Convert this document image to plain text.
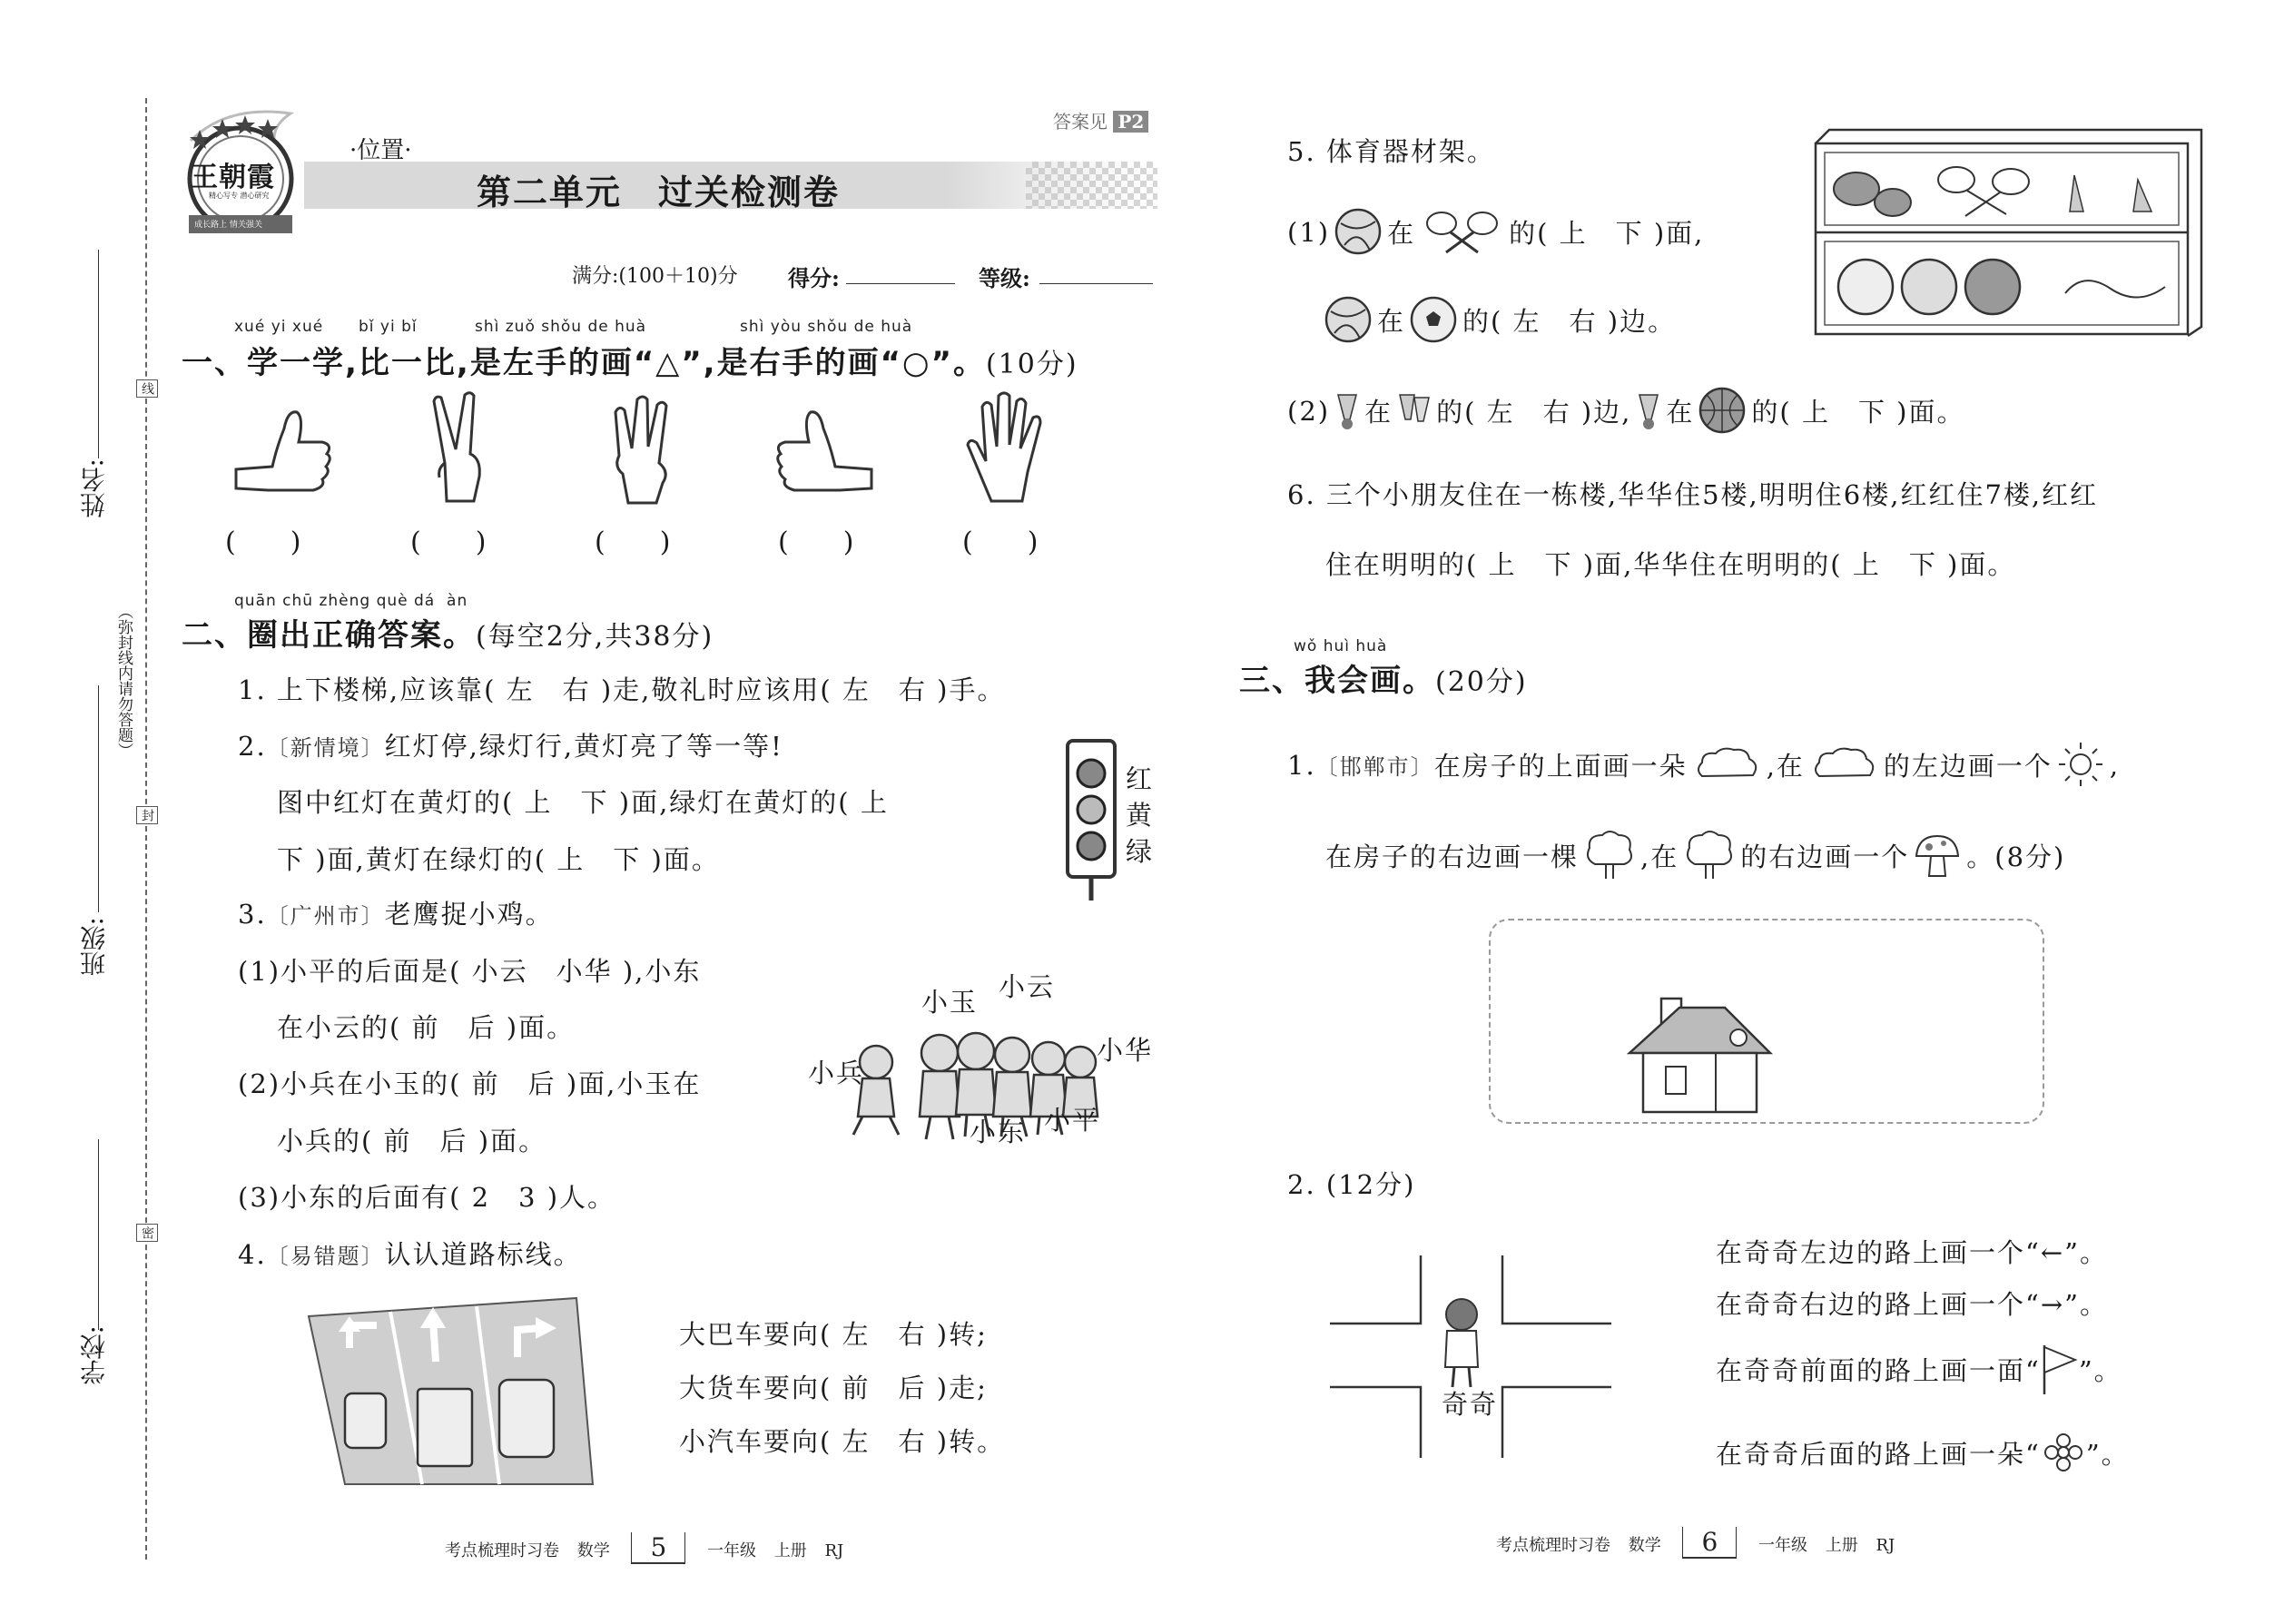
姓名:
班级:
学校:
（弥封线内请勿答题）
线
封
密
王朝霞
精心写专 潜心研究
成长路上 情关强关
·位置·
第二单元　过关检测卷
答案见 P2
满分:(100＋10)分 得分:	等级:
xué yi xué bǐ yi bǐ	shì zuǒ shǒu de huà	shì yòu shǒu de huà
一、学一学,比一比,是左手的画“△”,是右手的画“○”。(10分)
(　　)	(　　)	(　　)	(　　)	(　　)
quān chū zhèng què dá  àn
二、圈出正确答案。(每空2分,共38分)
1. 上下楼梯,应该靠( 左　右 )走,敬礼时应该用( 左　右 )手。
2.〔新情境〕红灯停,绿灯行,黄灯亮了等一等!
图中红灯在黄灯的( 上　下 )面,绿灯在黄灯的( 上
下 )面,黄灯在绿灯的( 上　下 )面。
红
黄
绿
3.〔广州市〕老鹰捉小鸡。
(1)小平的后面是( 小云　小华 ),小东
在小云的( 前　后 )面。
(2)小兵在小玉的( 前　后 )面,小玉在
小兵的( 前　后 )面。
(3)小东的后面有( 2　3 )人。
小玉 小云
小华
小兵
小东 小平
4.〔易错题〕认认道路标线。
大巴车要向( 左　右 )转;
大货车要向( 前　后 )走;
小汽车要向( 左　右 )转。
考点梳理时习卷 数学 5 一年级 上册 RJ
5. 体育器材架。
(1) 在	的( 上　下 )面,
在 的( 左　右 )边。
(2) 在 的( 左　右 )边, 在 的( 上　下 )面。
6. 三个小朋友住在一栋楼,华华住5楼,明明住6楼,红红住7楼,红红
住在明明的( 上　下 )面,华华住在明明的( 上　下 )面。
wǒ huì huà
三、我会画。(20分)
1. 〔邯郸市〕 在房子的上面画一朵	,在	的左边画一个 ,
在房子的右边画一棵 ,在 的右边画一个 。(8分)
2. (12分)
奇奇
在奇奇左边的路上画一个“←”。
在奇奇右边的路上画一个“→”。
在奇奇前面的路上画一面“ ”。
在奇奇后面的路上画一朵“ ”。
考点梳理时习卷 数学 6 一年级 上册 RJ
